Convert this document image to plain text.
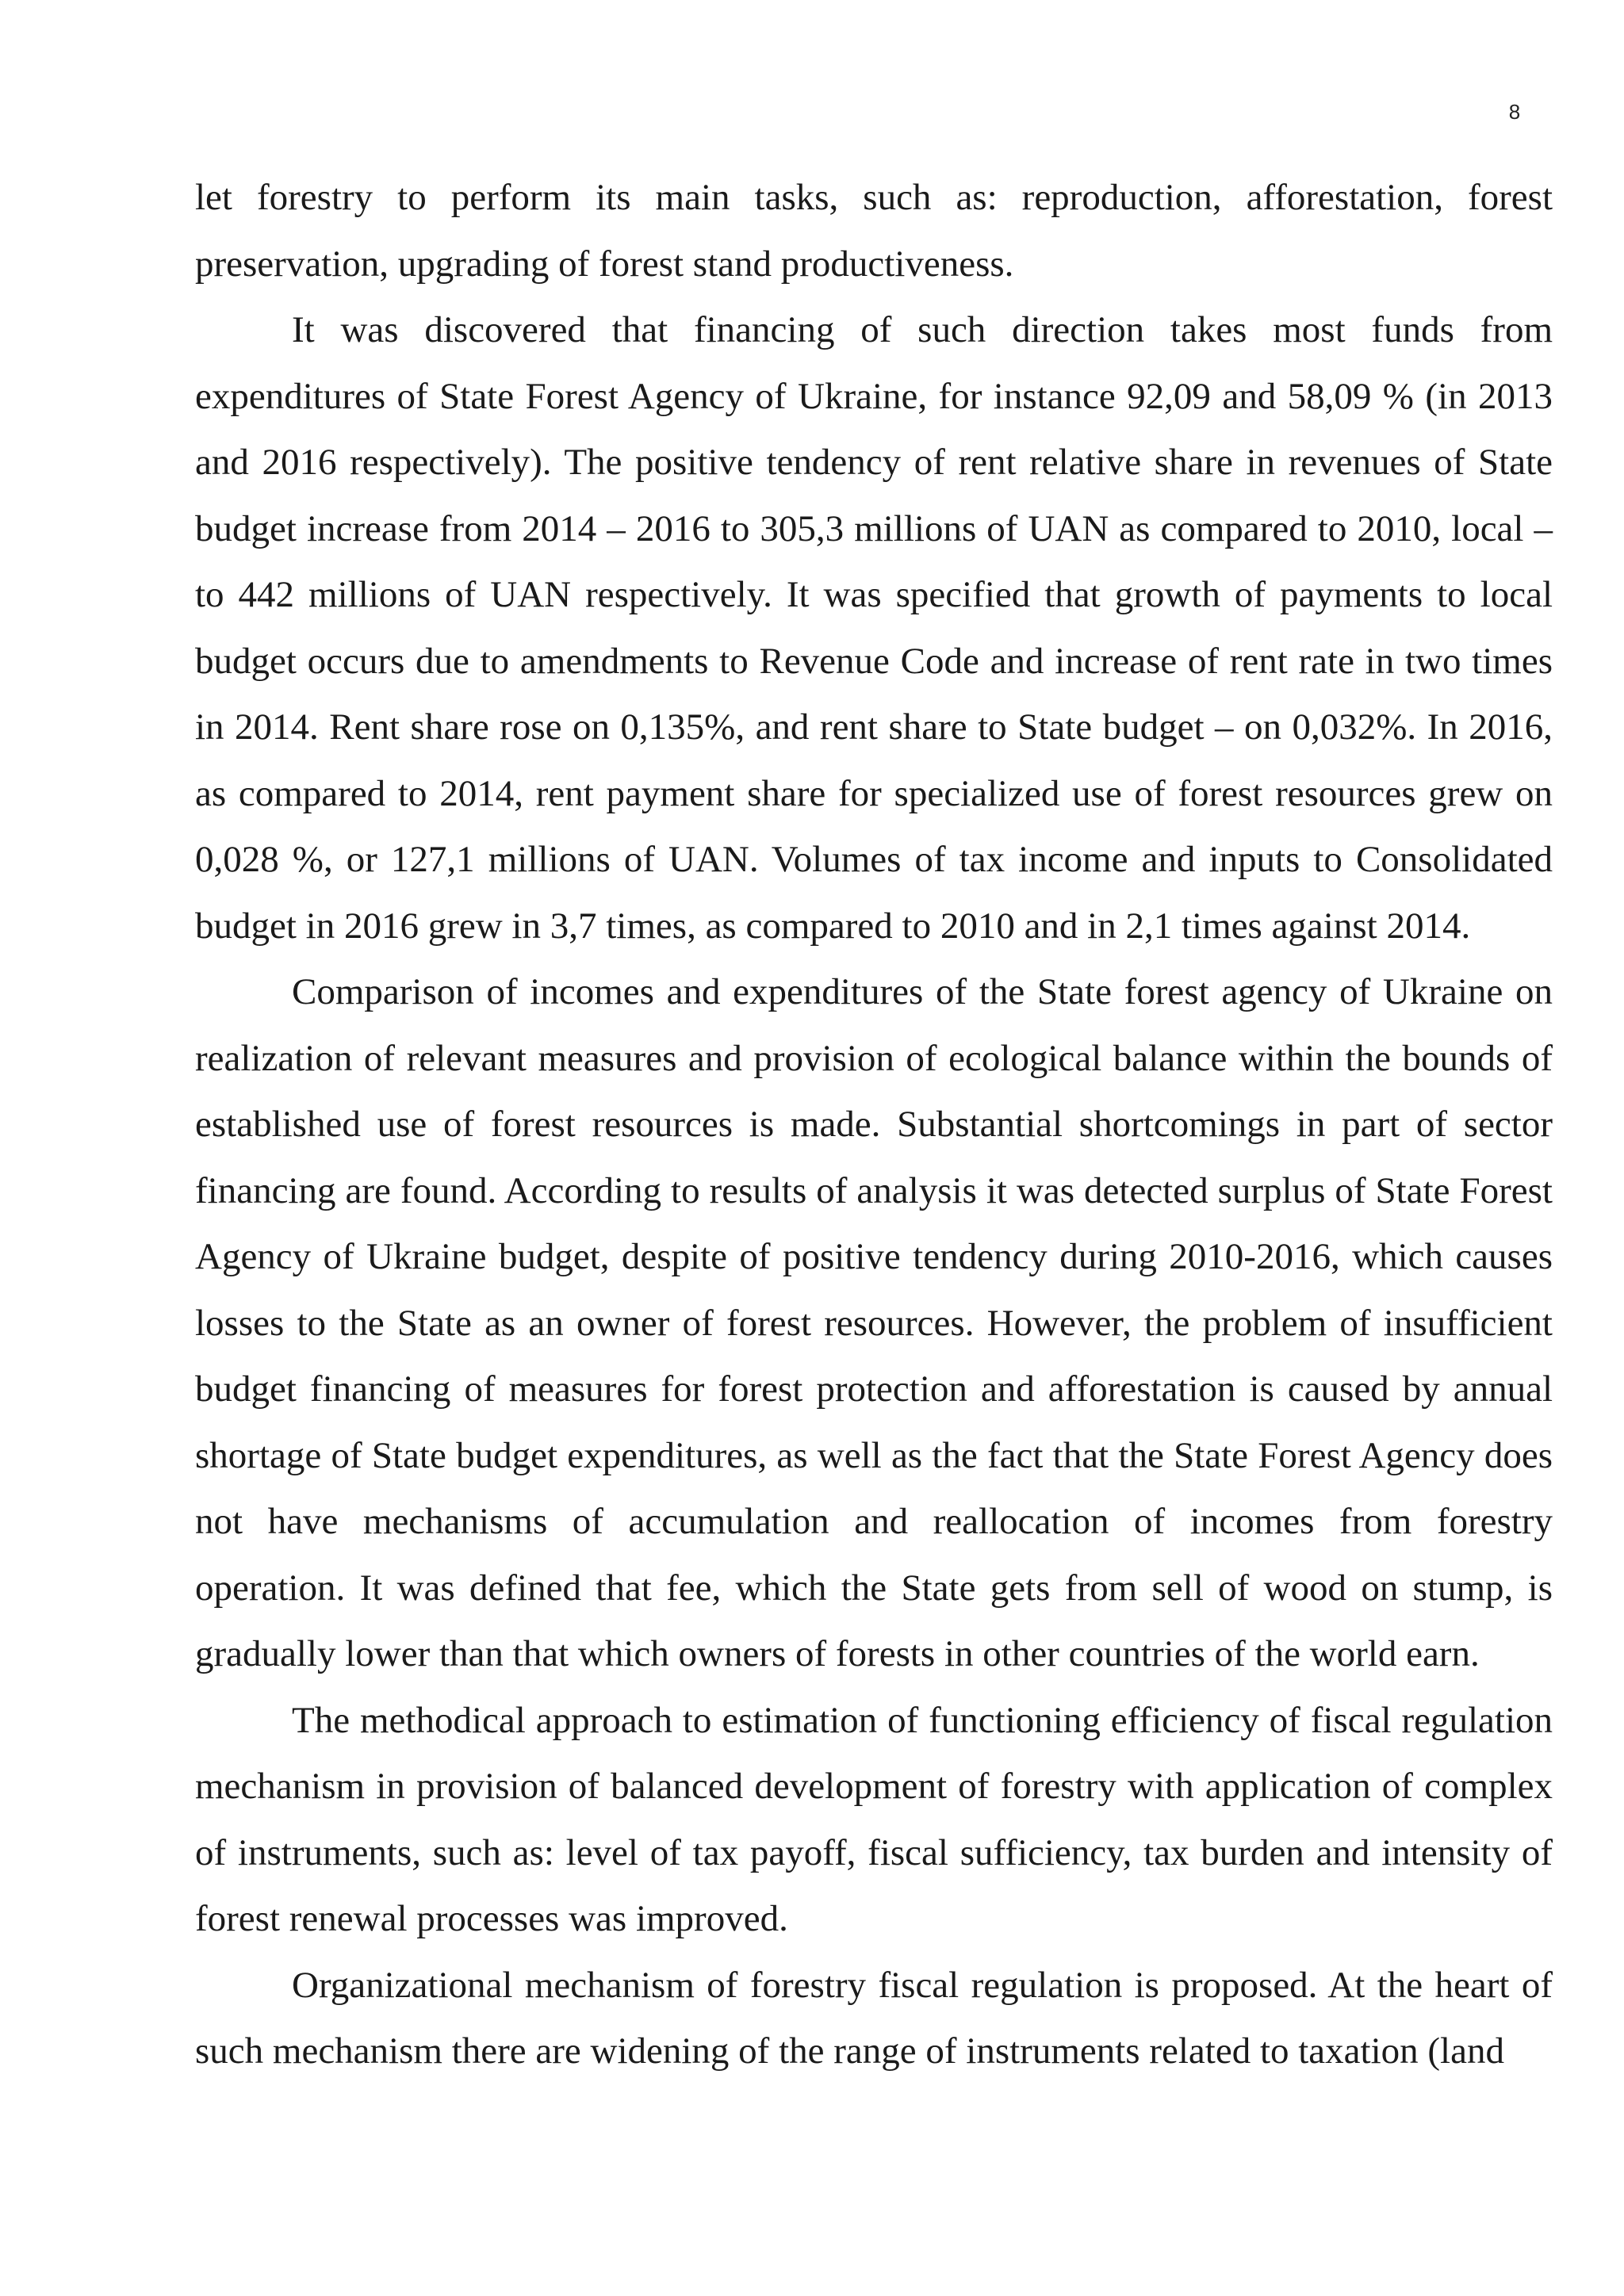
8

let forestry to perform its main tasks, such as: reproduction, afforestation, forest preservation, upgrading of forest stand productiveness.

It was discovered that financing of such direction takes most funds from expenditures of State Forest Agency of Ukraine, for instance 92,09 and 58,09 % (in 2013 and 2016 respectively). The positive tendency of rent relative share in revenues of State budget increase from 2014 – 2016 to 305,3 millions of UAN as compared to 2010, local – to 442 millions of UAN respectively. It was specified that growth of payments to local budget occurs due to amendments to Revenue Code and increase of rent rate in two times in 2014. Rent share rose on 0,135%, and rent share to State budget – on 0,032%. In 2016, as compared to 2014, rent payment share for specialized use of forest resources grew on 0,028 %, or 127,1 millions of UAN. Volumes of tax income and inputs to Consolidated budget in 2016 grew in 3,7 times, as compared to 2010 and in 2,1 times against 2014.

Comparison of incomes and expenditures of the State forest agency of Ukraine on realization of relevant measures and provision of ecological balance within the bounds of established use of forest resources is made. Substantial shortcomings in part of sector financing are found. According to results of analysis it was detected surplus of State Forest Agency of Ukraine budget, despite of positive tendency during 2010-2016, which causes losses to the State as an owner of forest resources. However, the problem of insufficient budget financing of measures for forest protection and afforestation is caused by annual shortage of State budget expenditures, as well as the fact that the State Forest Agency does not have mechanisms of accumulation and reallocation of incomes from forestry operation. It was defined that fee, which the State gets from sell of wood on stump, is gradually lower than that which owners of forests in other countries of the world earn.

The methodical approach to estimation of functioning efficiency of fiscal regulation mechanism in provision of balanced development of forestry with application of complex of instruments, such as: level of tax payoff, fiscal sufficiency, tax burden and intensity of forest renewal processes was improved.

Organizational mechanism of forestry fiscal regulation is proposed. At the heart of such mechanism there are widening of the range of instruments related to taxation (land
